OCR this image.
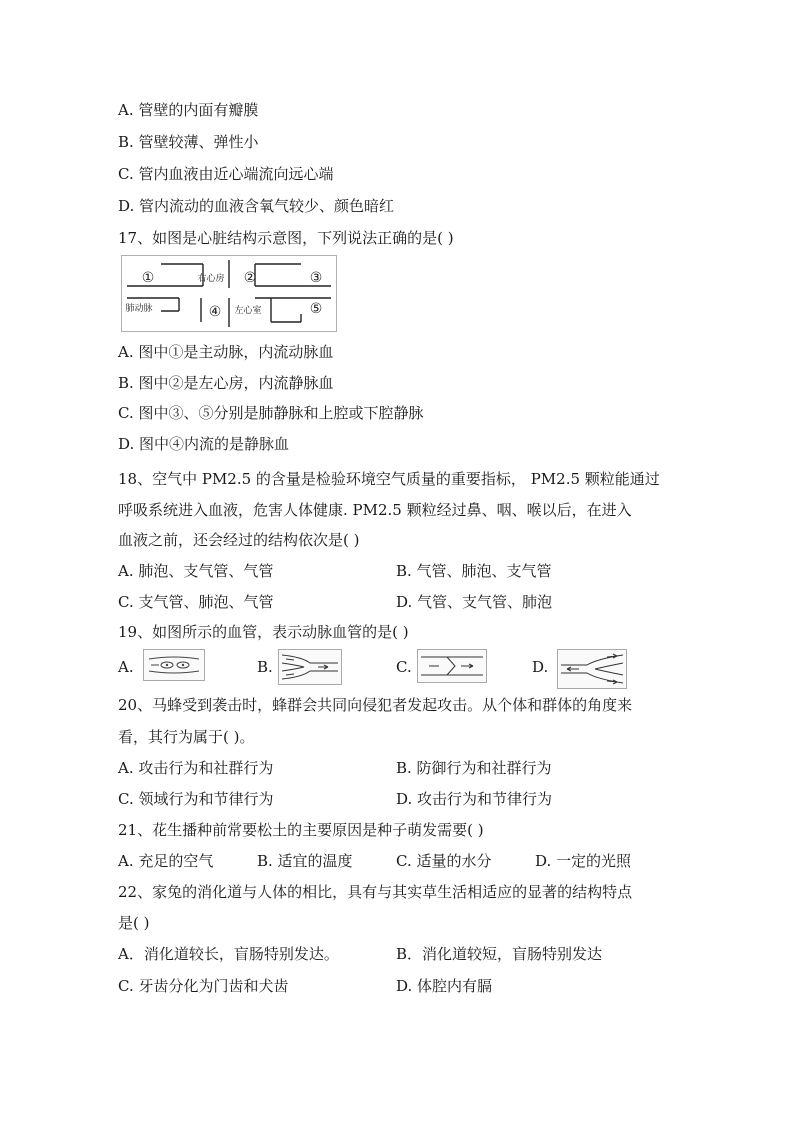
A. 管壁的内面有瓣膜
B. 管壁较薄、弹性小
C. 管内血液由近心端流向远心端
D. 管内流动的血液含氧气较少、颜色暗红
17、如图是心脏结构示意图，下列说法正确的是( )
①	②	③
④	⑤
右心房
左心室
肺动脉
A. 图中①是主动脉，内流动脉血
B. 图中②是左心房，内流静脉血
C. 图中③、⑤分别是肺静脉和上腔或下腔静脉
D. 图中④内流的是静脉血
18、空气中 PM2.5 的含量是检验环境空气质量的重要指标， PM2.5 颗粒能通过
呼吸系统进入血液，危害人体健康. PM2.5 颗粒经过鼻、咽、喉以后，在进入
血液之前，还会经过的结构依次是( )
A. 肺泡、支气管、气管	B. 气管、肺泡、支气管
C. 支气管、肺泡、气管	D. 气管、支气管、肺泡
19、如图所示的血管，表示动脉血管的是( )
A.	B.	C.	D.
20、马蜂受到袭击时，蜂群会共同向侵犯者发起攻击。从个体和群体的角度来
看，其行为属于( )。
A. 攻击行为和社群行为	B. 防御行为和社群行为
C. 领域行为和节律行为	D. 攻击行为和节律行为
21、花生播种前常要松土的主要原因是种子萌发需要( )
A. 充足的空气	B. 适宜的温度	C. 适量的水分	D. 一定的光照
22、家兔的消化道与人体的相比，具有与其实草生活相适应的显著的结构特点
是( )
A．消化道较长，盲肠特别发达。	B．消化道较短，盲肠特别发达
C. 牙齿分化为门齿和犬齿	D. 体腔内有膈
